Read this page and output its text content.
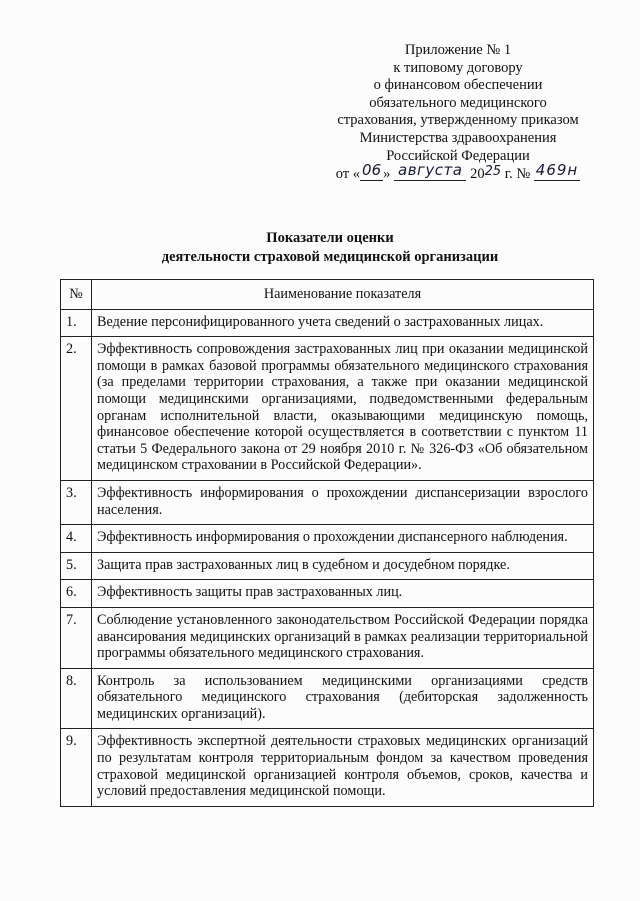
Приложение № 1
к типовому договору
о финансовом обеспечении
обязательного медицинского
страхования, утвержденному приказом
Министерства здравоохранения
Российской Федерации
от « 06 » августа 2025 г. № 469н
Показатели оценки
деятельности страховой медицинской организации
№	Наименование показателя
1.	Ведение персонифицированного учета сведений о застрахованных лицах.
2.	Эффективность сопровождения застрахованных лиц при оказании медицинской помощи в рамках базовой программы обязательного медицинского страхования (за пределами территории страхования, а также при оказании медицинской помощи медицинскими организациями, подведомственными федеральным органам исполнительной власти, оказывающими медицинскую помощь, финансовое обеспечение которой осуществляется в соответствии с пунктом 11 статьи 5 Федерального закона от 29 ноября 2010 г. № 326-ФЗ «Об обязательном медицинском страховании в Российской Федерации».
3.	Эффективность информирования о прохождении диспансеризации взрослого населения.
4.	Эффективность информирования о прохождении диспансерного наблюдения.
5.	Защита прав застрахованных лиц в судебном и досудебном порядке.
6.	Эффективность защиты прав застрахованных лиц.
7.	Соблюдение установленного законодательством Российской Федерации порядка авансирования медицинских организаций в рамках реализации территориальной программы обязательного медицинского страхования.
8.	Контроль за использованием медицинскими организациями средств обязательного медицинского страхования (дебиторская задолженность медицинских организаций).
9.	Эффективность экспертной деятельности страховых медицинских организаций по результатам контроля территориальным фондом за качеством проведения страховой медицинской организацией контроля объемов, сроков, качества и условий предоставления медицинской помощи.
